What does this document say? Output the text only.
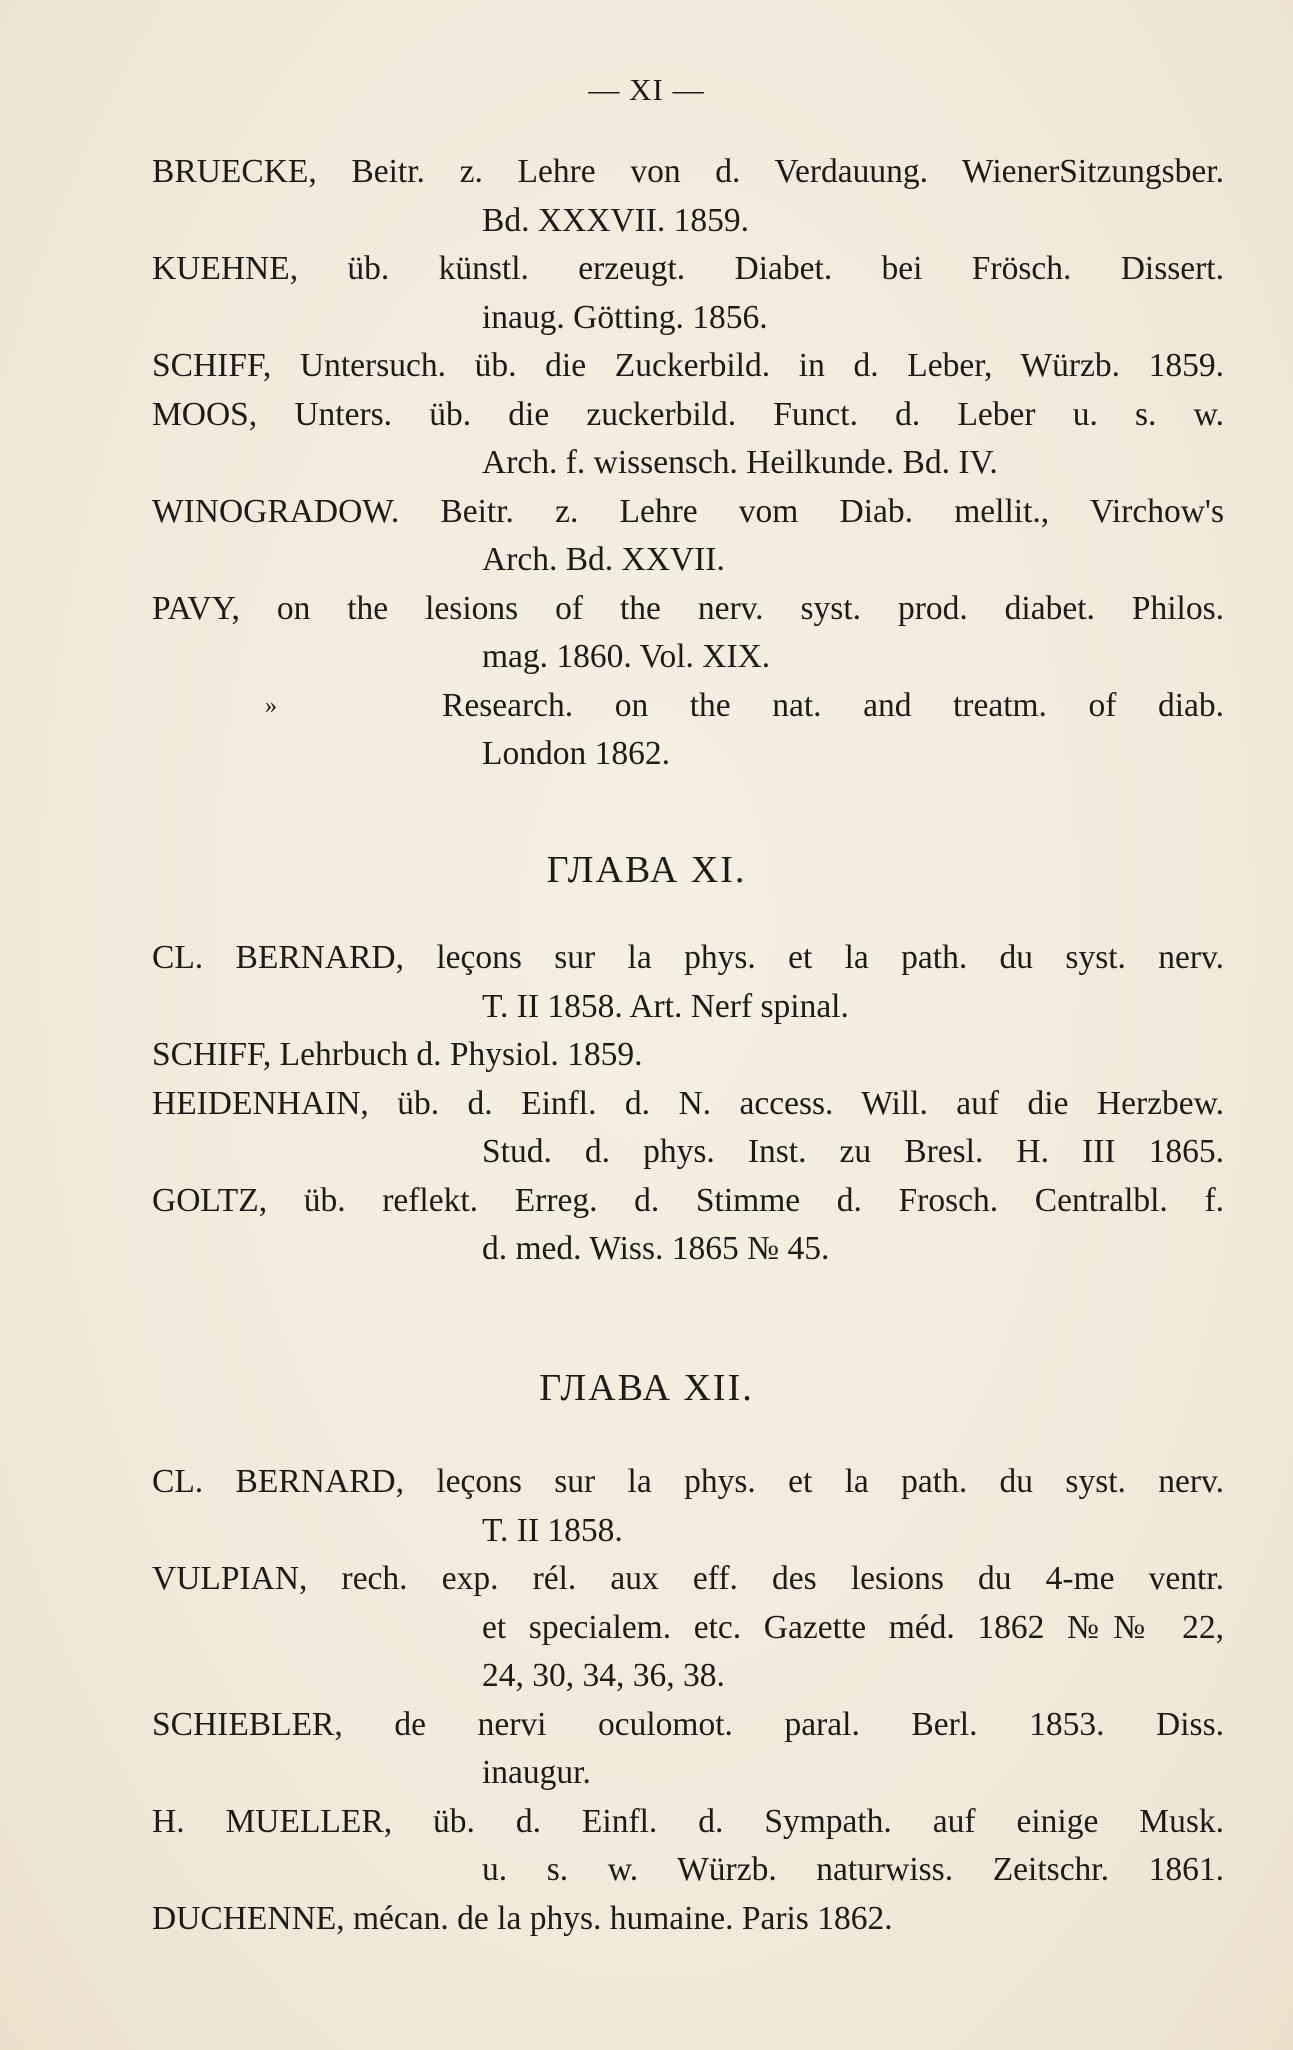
— XI —
BRUECKE, Beitr. z. Lehre von d. Verdauung. WienerSitzungsber.
Bd. XXXVII. 1859.
KUEHNE, üb. künstl. erzeugt. Diabet. bei Frösch. Dissert.
inaug. Götting. 1856.
SCHIFF, Untersuch. üb. die Zuckerbild. in d. Leber, Würzb. 1859.
MOOS, Unters. üb. die zuckerbild. Funct. d. Leber u. s. w.
Arch. f. wissensch. Heilkunde. Bd. IV.
WINOGRADOW. Beitr. z. Lehre vom Diab. mellit., Virchow's
Arch. Bd. XXVII.
PAVY, on the lesions of the nerv. syst. prod. diabet. Philos.
mag. 1860. Vol. XIX.
»	Research. on the nat. and treatm. of diab.
London 1862.
ГЛАВА XI.
CL. BERNARD, leçons sur la phys. et la path. du syst. nerv.
T. II 1858. Art. Nerf spinal.
SCHIFF, Lehrbuch d. Physiol. 1859.
HEIDENHAIN, üb. d. Einfl. d. N. access. Will. auf die Herzbew.
Stud. d. phys. Inst. zu Bresl. H. III 1865.
GOLTZ, üb. reflekt. Erreg. d. Stimme d. Frosch. Centralbl. f.
d. med. Wiss. 1865 № 45.
ГЛАВА XII.
CL. BERNARD, leçons sur la phys. et la path. du syst. nerv.
T. II 1858.
VULPIAN, rech. exp. rél. aux eff. des lesions du 4-me ventr.
et specialem. etc. Gazette méd. 1862 №№ 22,
24, 30, 34, 36, 38.
SCHIEBLER, de nervi oculomot. paral. Berl. 1853. Diss.
inaugur.
H. MUELLER, üb. d. Einfl. d. Sympath. auf einige Musk.
u. s. w. Würzb. naturwiss. Zeitschr. 1861.
DUCHENNE, mécan. de la phys. humaine. Paris 1862.
